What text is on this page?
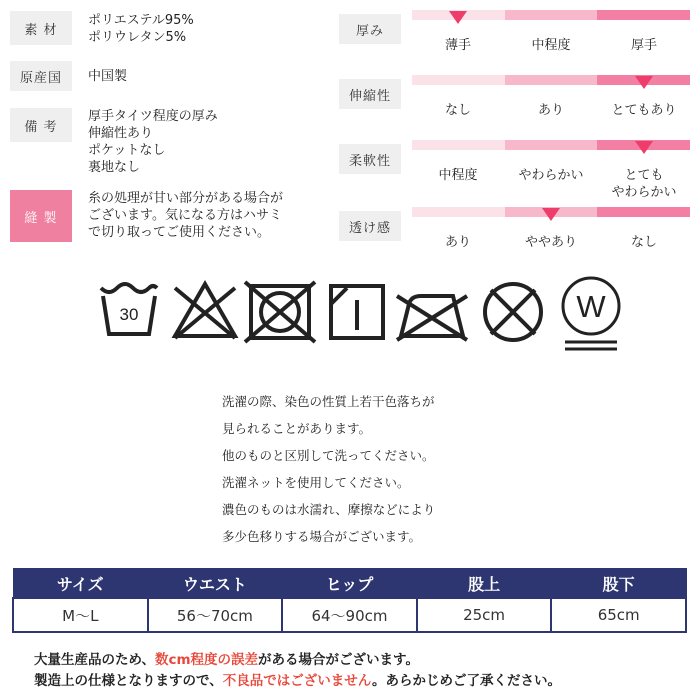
素 材
ポリエステル95%
ポリウレタン5%
原産国	中国製
備 考
厚手タイツ程度の厚み
伸縮性あり
ポケットなし
裏地なし
縫 製
糸の処理が甘い部分がある場合が
ございます。気になる方はハサミ
で切り取ってご使用ください。
厚み
薄手	中程度	厚手
伸縮性
なし	あり	とてもあり
柔軟性
中程度	やわらかい	とても
やわらかい
透け感
あり	ややあり	なし
30	W
洗濯の際、染色の性質上若干色落ちが
見られることがあります。
他のものと区別して洗ってください。
洗濯ネットを使用してください。
濃色のものは水濡れ、摩擦などにより
多少色移りする場合がございます。
サイズ	ウエスト	ヒップ	股上	股下
M〜L	56〜70cm	64〜90cm	25cm	65cm
大量生産品のため、数cm程度の誤差がある場合がございます。
製造上の仕様となりますので、不良品ではございません。あらかじめご了承ください。
